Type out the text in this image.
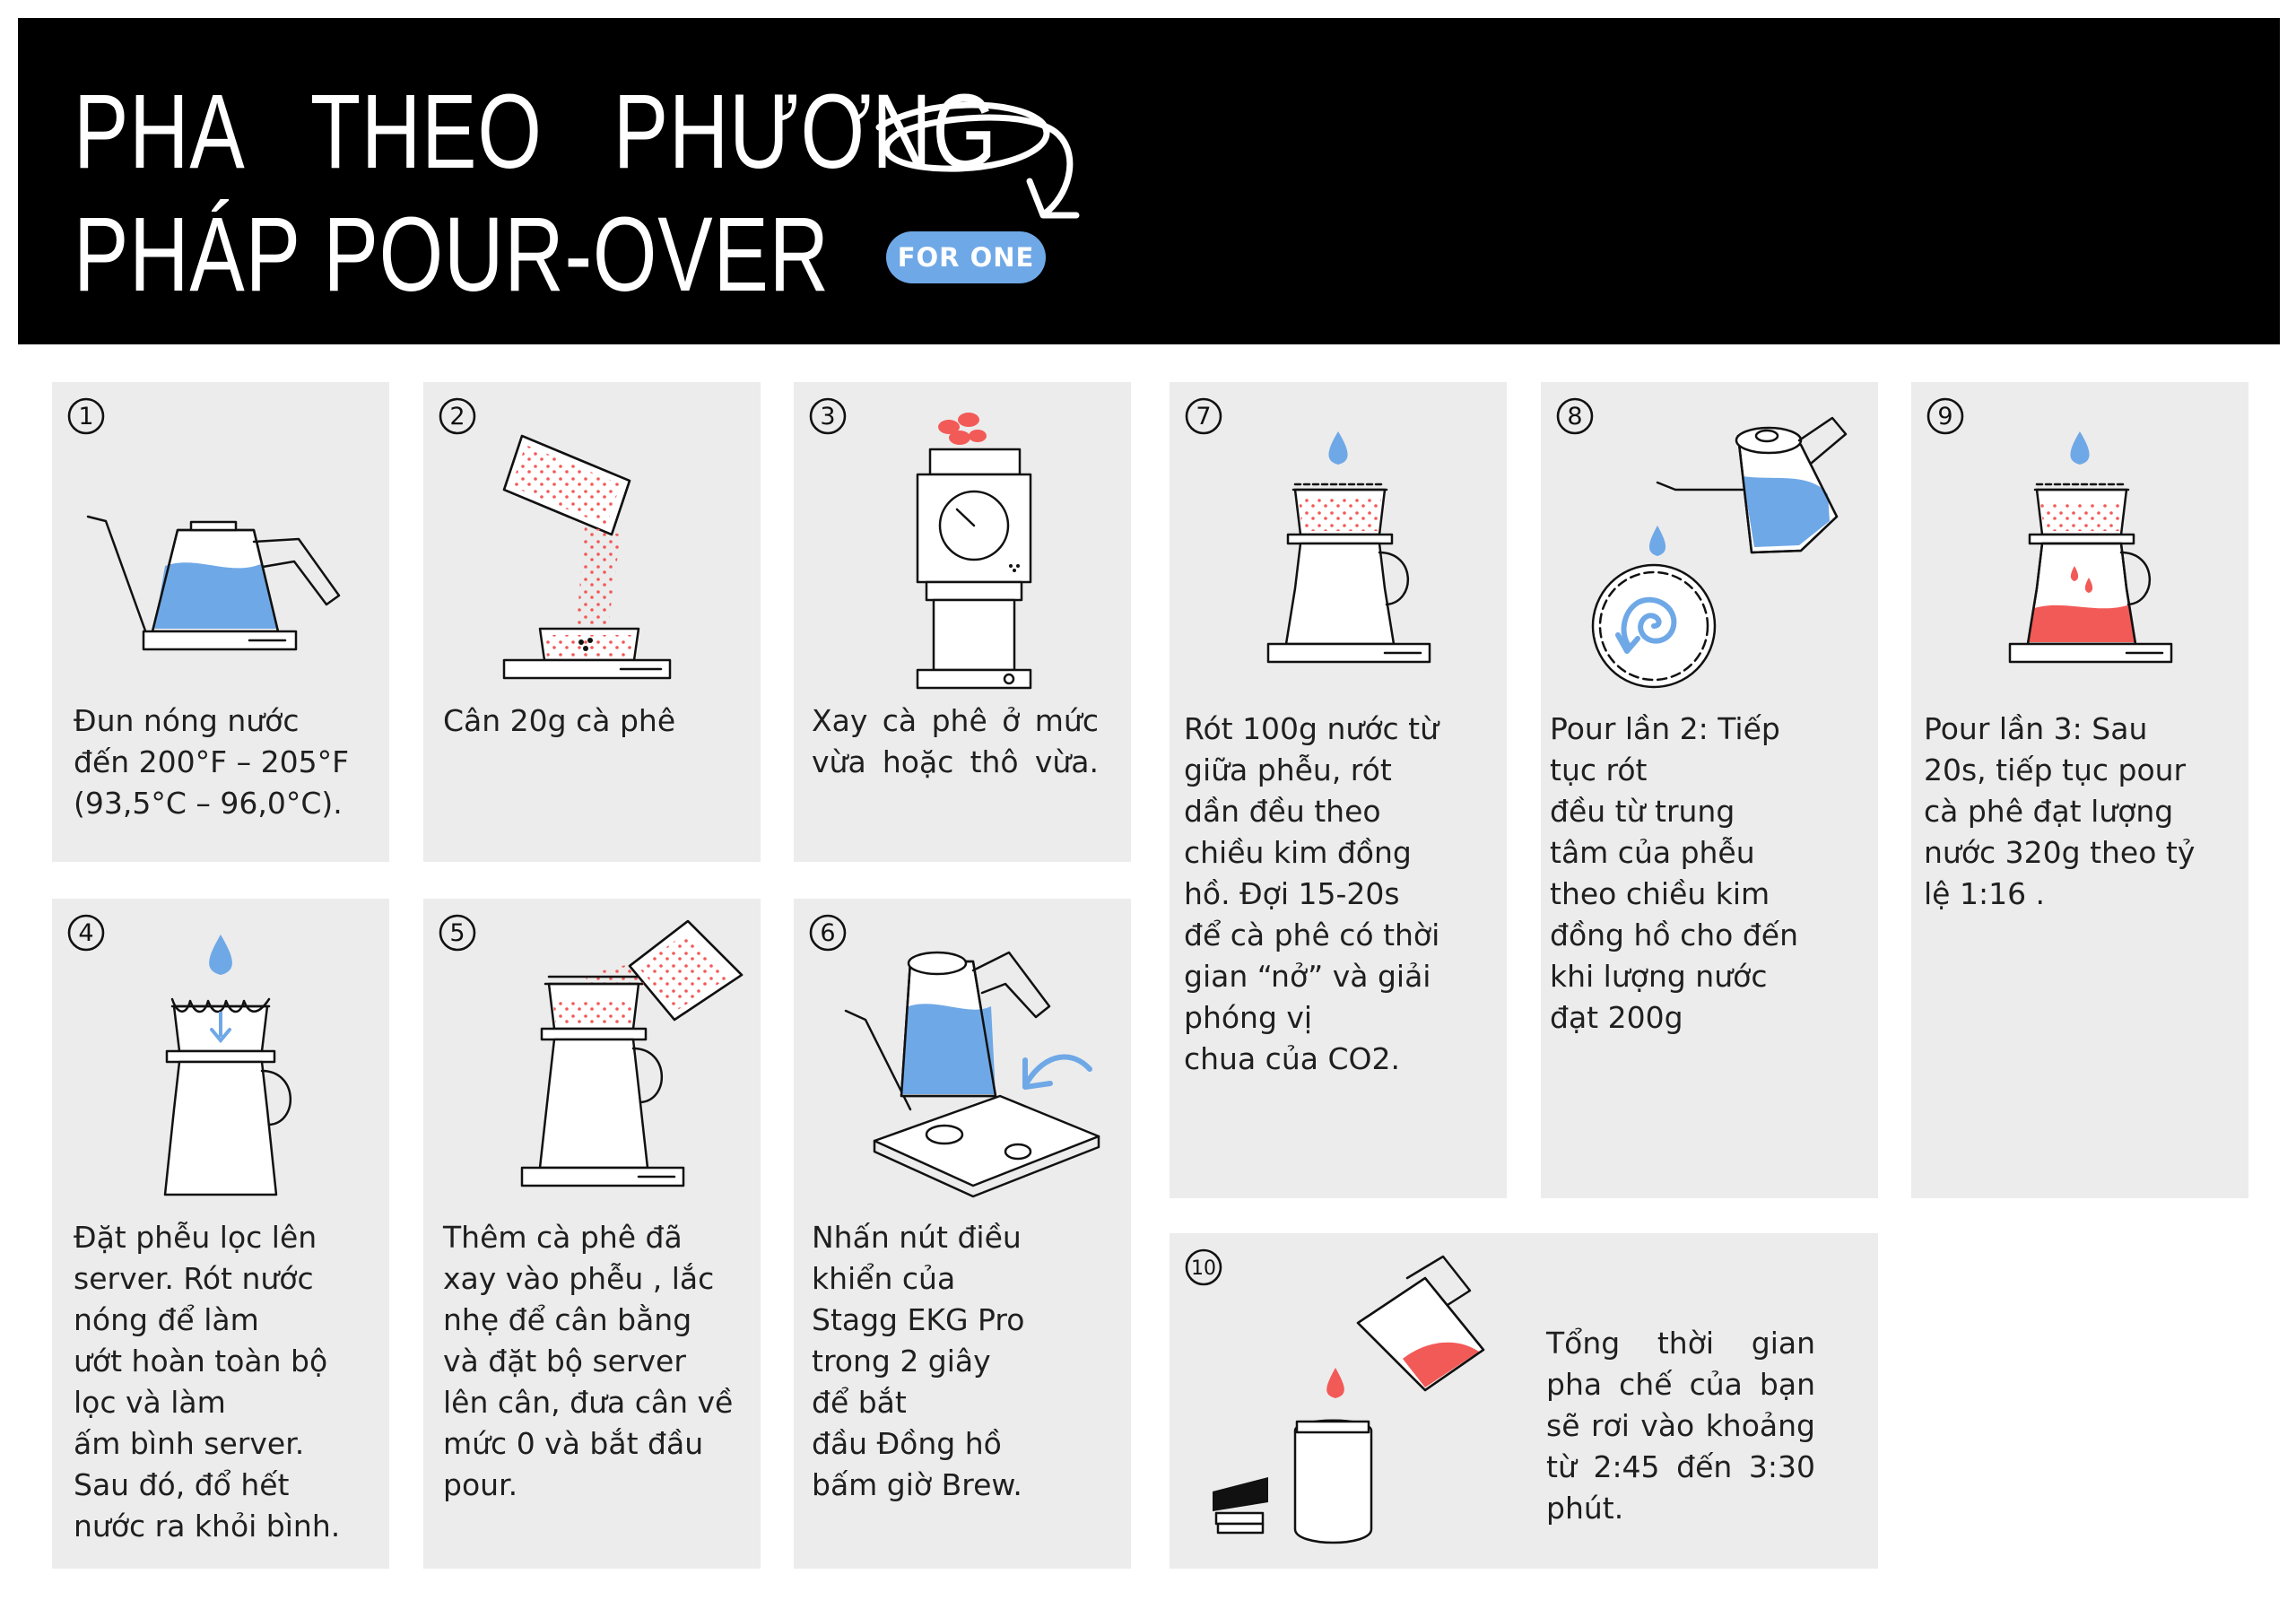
PHA   THEO   PHƯƠNG
PHÁP POUR-OVER	FOR ONE
1

Đun nóng nước
đến 200°F – 205°F
(93,5°C – 96,0°C).

2

Cân 20g cà phê

3

Xay cà phê ở mức vừa hoặc thô vừa.

7

Rót 100g nước từ
giữa phễu, rót
dần đều theo
chiều kim đồng
hồ. Đợi 15-20s
để cà phê có thời
gian “nở” và giải
phóng vị
chua của CO2.

8

Pour lần 2: Tiếp
tục rót
đều từ trung
tâm của phễu
theo chiều kim
đồng hồ cho đến
khi lượng nước
đạt 200g

9

Pour lần 3: Sau
20s, tiếp tục pour
cà phê đạt lượng
nước 320g theo tỷ
lệ 1:16 .

4

Đặt phễu lọc lên
server. Rót nước
nóng để làm
ướt hoàn toàn bộ
lọc và làm
ấm bình server.
Sau đó, đổ hết
nước ra khỏi bình.

5

Thêm cà phê đã
xay vào phễu , lắc
nhẹ để cân bằng
và đặt bộ server
lên cân, đưa cân về
mức 0 và bắt đầu
pour.

6

Nhấn nút điều
khiển của
Stagg EKG Pro
trong 2 giây
để bắt
đầu Đồng hồ
bấm giờ Brew.

10

Tổng thời gian pha chế của bạn sẽ rơi vào khoảng từ 2:45 đến 3:30 phút.
